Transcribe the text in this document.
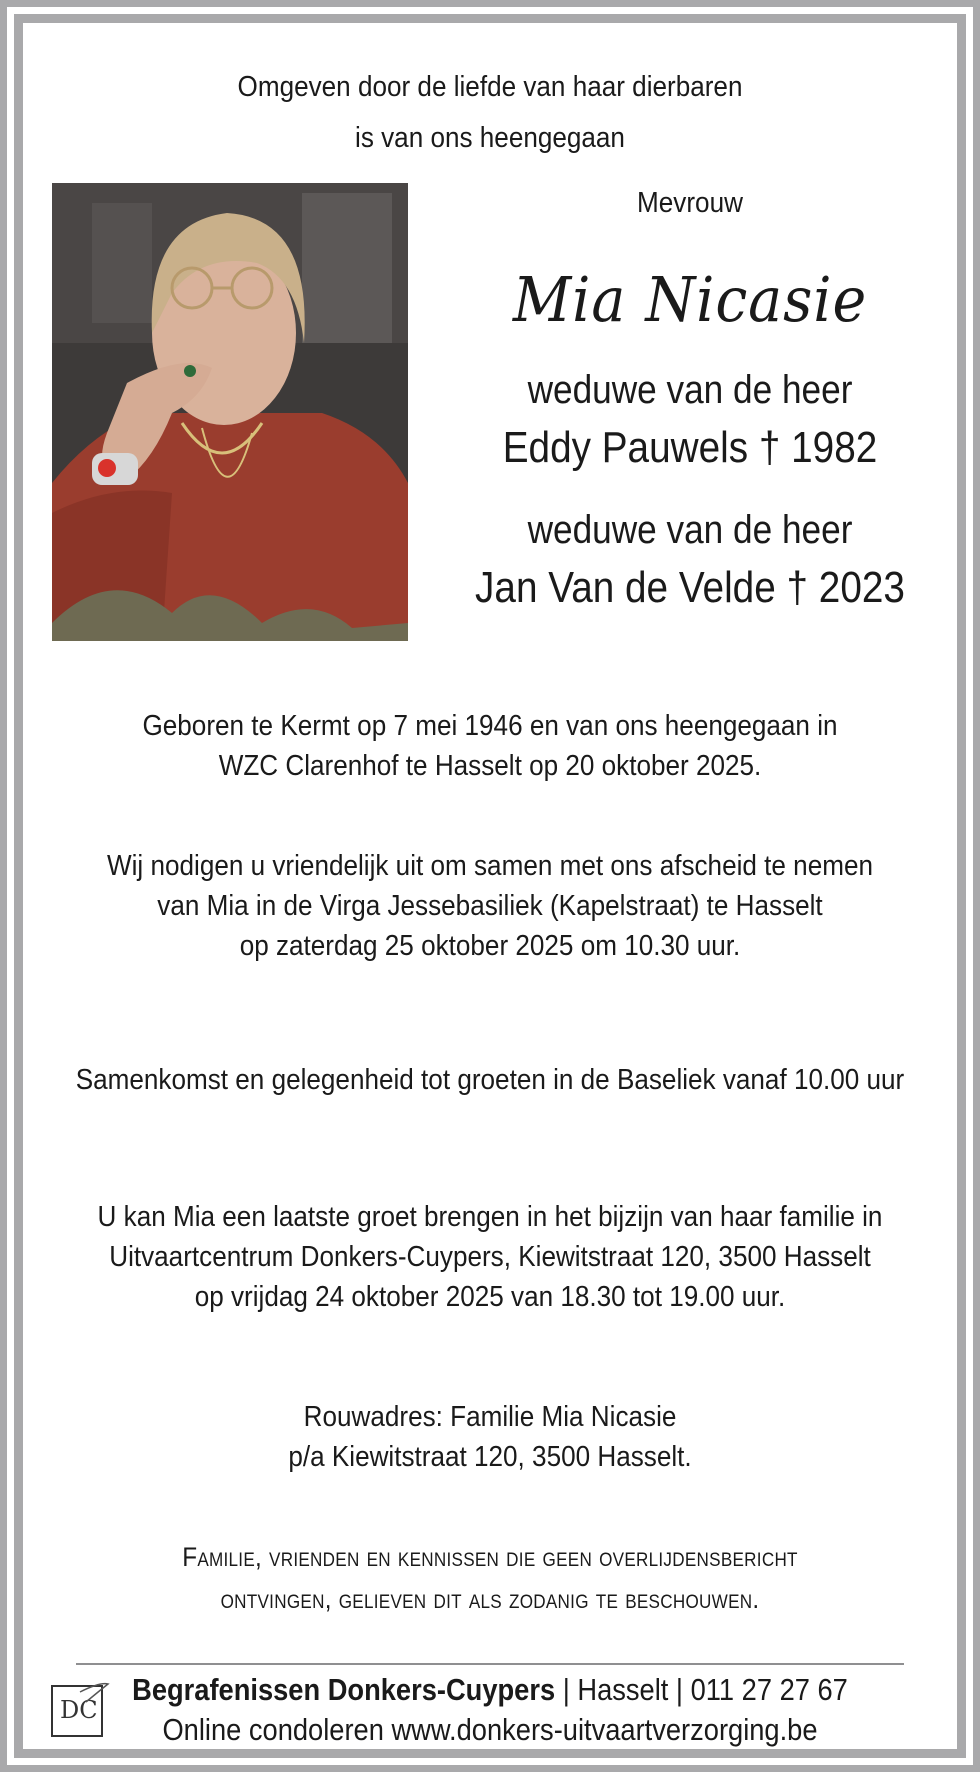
Omgeven door de liefde van haar dierbaren
is van ons heengegaan
Mevrouw
Mia Nicasie
weduwe van de heer
Eddy Pauwels † 1982
weduwe van de heer
Jan Van de Velde † 2023
Geboren te Kermt op 7 mei 1946 en van ons heengegaan in
WZC Clarenhof te Hasselt op 20 oktober 2025.
Wij nodigen u vriendelijk uit om samen met ons afscheid te nemen
van Mia in de Virga Jessebasiliek (Kapelstraat) te Hasselt
op zaterdag 25 oktober 2025 om 10.30 uur.
Samenkomst en gelegenheid tot groeten in de Baseliek vanaf 10.00 uur
U kan Mia een laatste groet brengen in het bijzijn van haar familie in
Uitvaartcentrum Donkers-Cuypers, Kiewitstraat 120, 3500 Hasselt
op vrijdag 24 oktober 2025 van 18.30 tot 19.00 uur.
Rouwadres: Familie Mia Nicasie
p/a Kiewitstraat 120, 3500 Hasselt.
Familie, vrienden en kennissen die geen overlijdensbericht
ontvingen, gelieven dit als zodanig te beschouwen.
DC
Begrafenissen Donkers-Cuypers | Hasselt | 011 27 27 67
Online condoleren www.donkers-uitvaartverzorging.be
